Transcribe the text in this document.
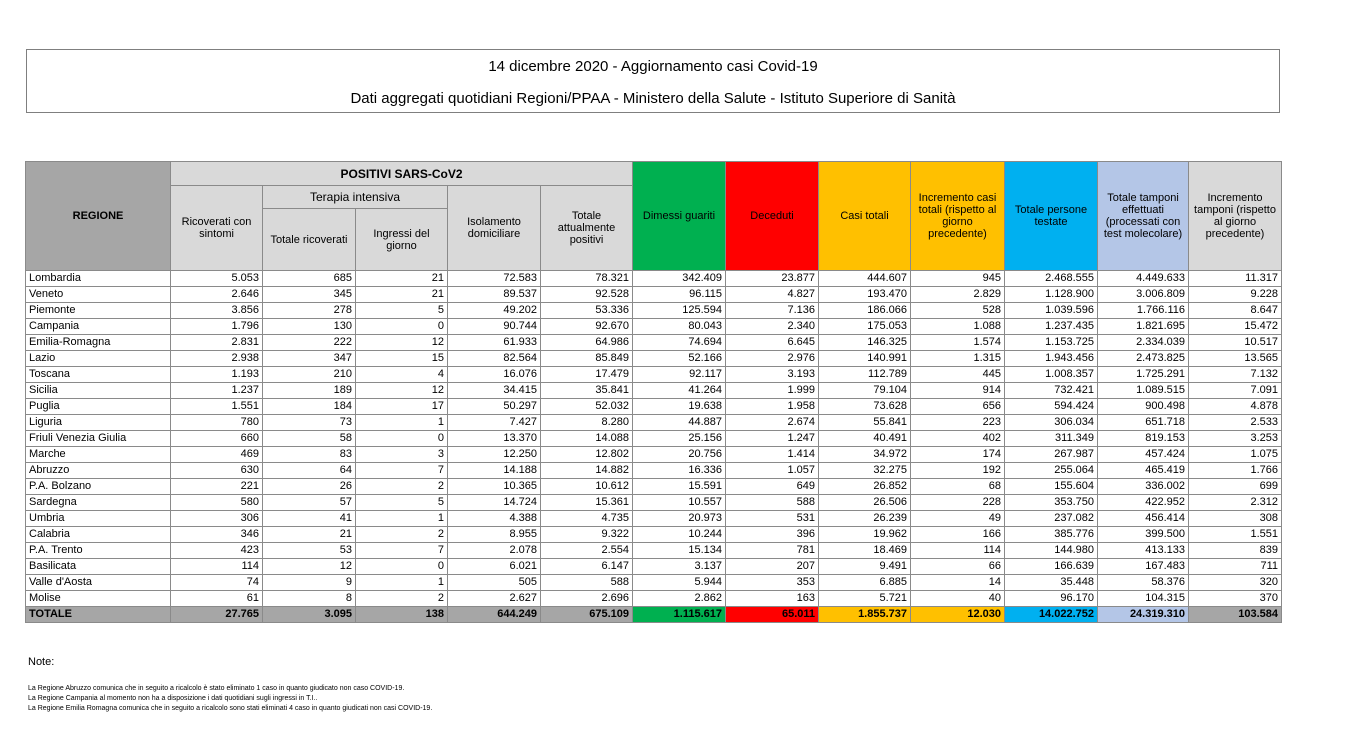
14 dicembre 2020 - Aggiornamento casi Covid-19
Dati aggregati quotidiani Regioni/PPAA - Ministero della Salute - Istituto Superiore di Sanità
REGIONE	POSITIVI SARS-CoV2					Dimessi guariti	Deceduti	Casi totali	Incremento casi totali (rispetto al giorno precedente)	Totale persone testate	Totale tamponi effettuati (processati con test molecolare)	Incremento tamponi (rispetto al giorno precedente)
	Ricoverati con sintomi	Terapia intensiva		Isolamento domiciliare	Totale attualmente positivi							
		Totale ricoverati	Ingressi del giorno									
Lombardia	5.053	685	21	72.583	78.321	342.409	23.877	444.607	945	2.468.555	4.449.633	11.317
Veneto	2.646	345	21	89.537	92.528	96.115	4.827	193.470	2.829	1.128.900	3.006.809	9.228
Piemonte	3.856	278	5	49.202	53.336	125.594	7.136	186.066	528	1.039.596	1.766.116	8.647
Campania	1.796	130	0	90.744	92.670	80.043	2.340	175.053	1.088	1.237.435	1.821.695	15.472
Emilia-Romagna	2.831	222	12	61.933	64.986	74.694	6.645	146.325	1.574	1.153.725	2.334.039	10.517
Lazio	2.938	347	15	82.564	85.849	52.166	2.976	140.991	1.315	1.943.456	2.473.825	13.565
Toscana	1.193	210	4	16.076	17.479	92.117	3.193	112.789	445	1.008.357	1.725.291	7.132
Sicilia	1.237	189	12	34.415	35.841	41.264	1.999	79.104	914	732.421	1.089.515	7.091
Puglia	1.551	184	17	50.297	52.032	19.638	1.958	73.628	656	594.424	900.498	4.878
Liguria	780	73	1	7.427	8.280	44.887	2.674	55.841	223	306.034	651.718	2.533
Friuli Venezia Giulia	660	58	0	13.370	14.088	25.156	1.247	40.491	402	311.349	819.153	3.253
Marche	469	83	3	12.250	12.802	20.756	1.414	34.972	174	267.987	457.424	1.075
Abruzzo	630	64	7	14.188	14.882	16.336	1.057	32.275	192	255.064	465.419	1.766
P.A. Bolzano	221	26	2	10.365	10.612	15.591	649	26.852	68	155.604	336.002	699
Sardegna	580	57	5	14.724	15.361	10.557	588	26.506	228	353.750	422.952	2.312
Umbria	306	41	1	4.388	4.735	20.973	531	26.239	49	237.082	456.414	308
Calabria	346	21	2	8.955	9.322	10.244	396	19.962	166	385.776	399.500	1.551
P.A. Trento	423	53	7	2.078	2.554	15.134	781	18.469	114	144.980	413.133	839
Basilicata	114	12	0	6.021	6.147	3.137	207	9.491	66	166.639	167.483	711
Valle d'Aosta	74	9	1	505	588	5.944	353	6.885	14	35.448	58.376	320
Molise	61	8	2	2.627	2.696	2.862	163	5.721	40	96.170	104.315	370
TOTALE	27.765	3.095	138	644.249	675.109	1.115.617	65.011	1.855.737	12.030	14.022.752	24.319.310	103.584
Note:
La Regione Abruzzo comunica che in seguito a ricalcolo è stato eliminato 1 caso in quanto giudicato non caso COVID-19.
La Regione Campania al momento non ha a disposizione i dati quotidiani sugli ingressi in T.I..
La Regione Emilia Romagna comunica che in seguito a ricalcolo sono stati eliminati 4 caso in quanto giudicati non casi COVID-19.
